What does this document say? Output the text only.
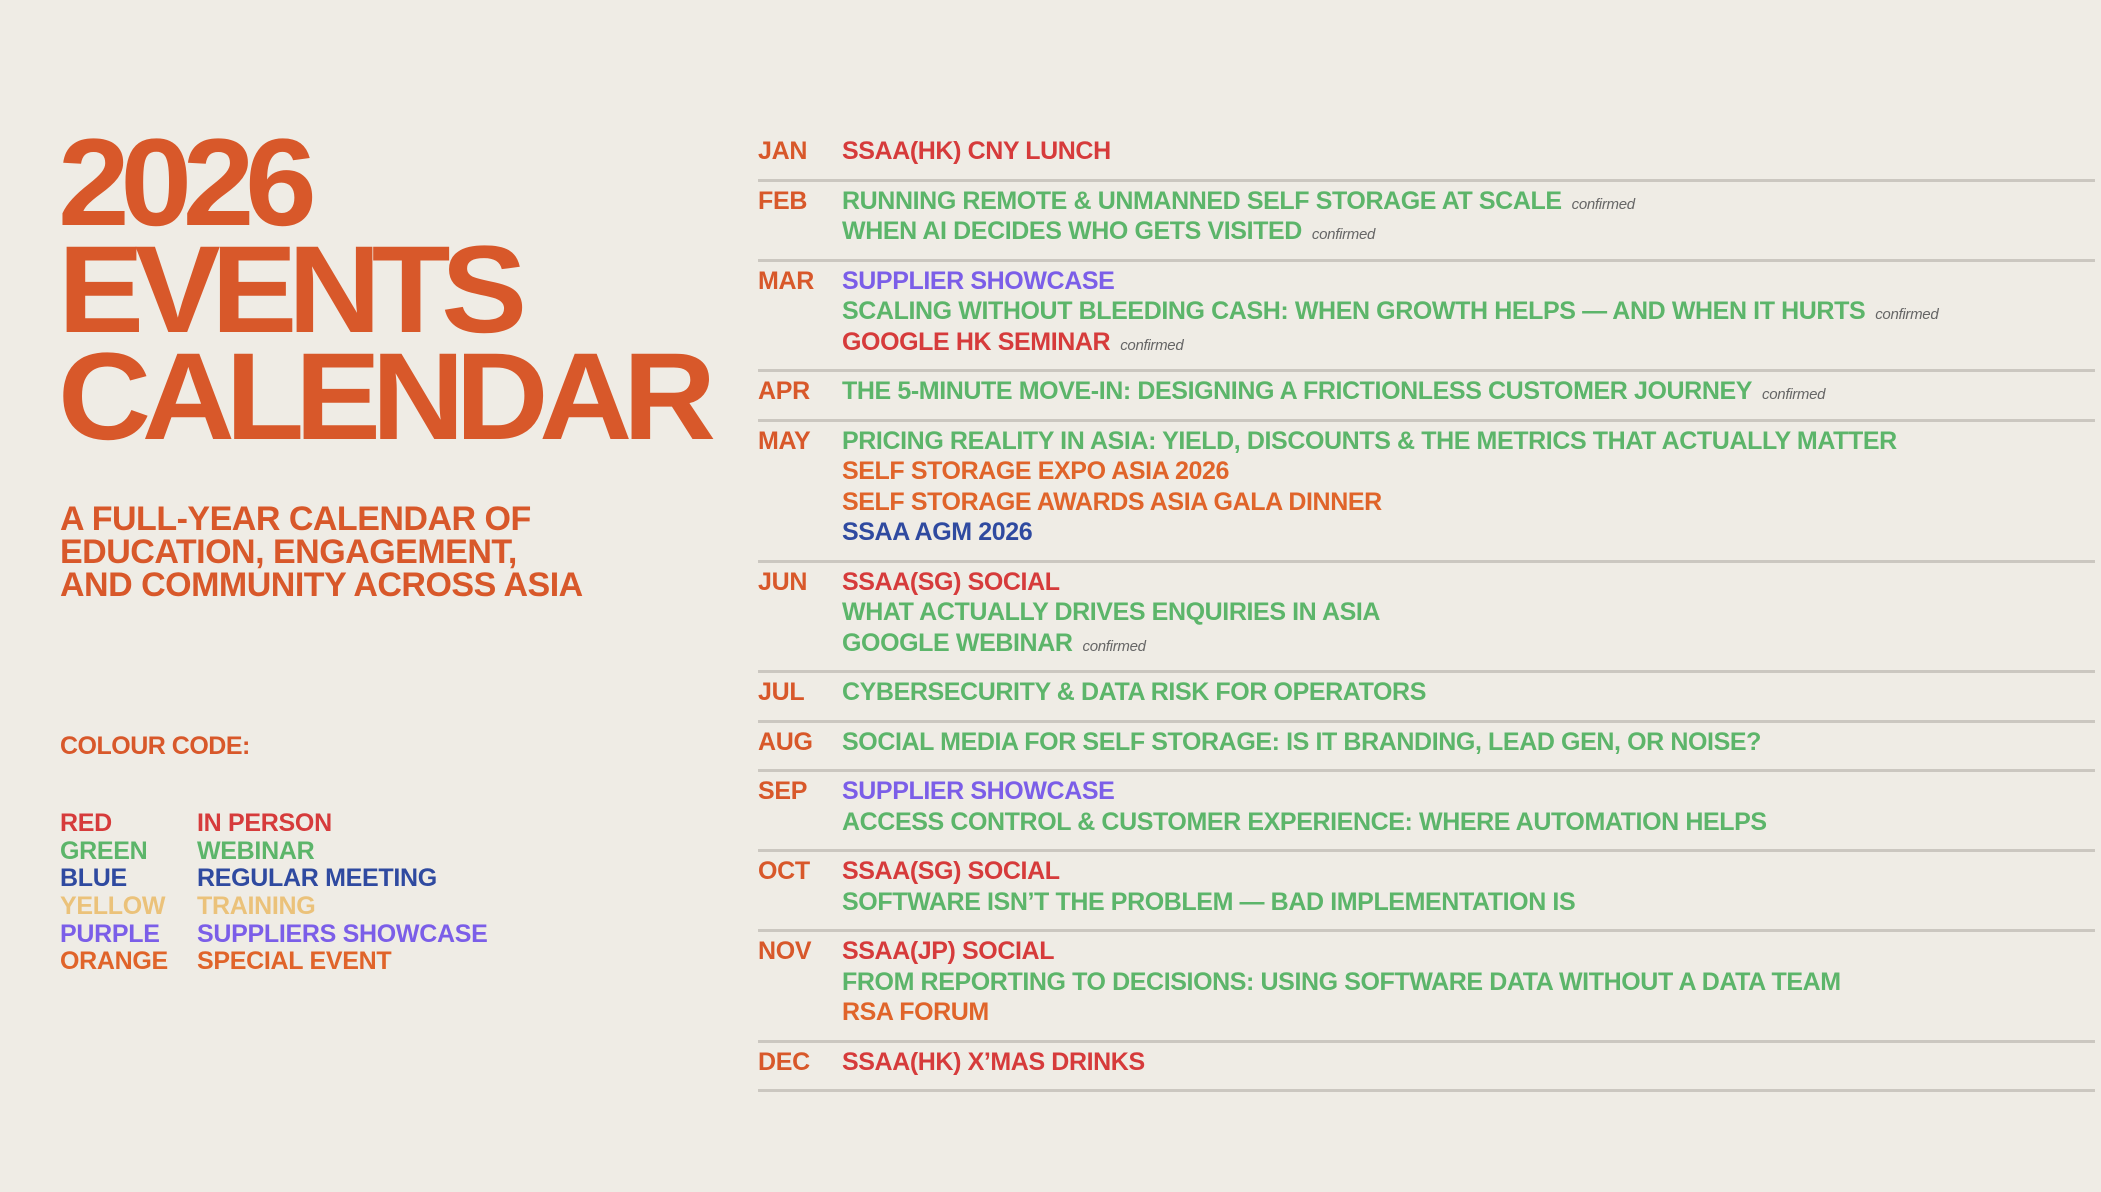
2026
EVENTS
CALENDAR
A FULL-YEAR CALENDAR OF
EDUCATION, ENGAGEMENT,
AND COMMUNITY ACROSS ASIA
COLOUR CODE:
RED	IN PERSON
GREEN	WEBINAR
BLUE	REGULAR MEETING
YELLOW	TRAINING
PURPLE	SUPPLIERS SHOWCASE
ORANGE	SPECIAL EVENT
JAN	SSAA(HK) CNY LUNCH
FEB	RUNNING REMOTE & UNMANNED SELF STORAGE AT SCALE confirmed
WHEN AI DECIDES WHO GETS VISITED confirmed
MAR	SUPPLIER SHOWCASE
SCALING WITHOUT BLEEDING CASH: WHEN GROWTH HELPS — AND WHEN IT HURTS confirmed
GOOGLE HK SEMINAR confirmed
APR	THE 5-MINUTE MOVE-IN: DESIGNING A FRICTIONLESS CUSTOMER JOURNEY confirmed
MAY	PRICING REALITY IN ASIA: YIELD, DISCOUNTS & THE METRICS THAT ACTUALLY MATTER
SELF STORAGE EXPO ASIA 2026
SELF STORAGE AWARDS ASIA GALA DINNER
SSAA AGM 2026
JUN	SSAA(SG) SOCIAL
WHAT ACTUALLY DRIVES ENQUIRIES IN ASIA
GOOGLE WEBINAR confirmed
JUL	CYBERSECURITY & DATA RISK FOR OPERATORS
AUG	SOCIAL MEDIA FOR SELF STORAGE: IS IT BRANDING, LEAD GEN, OR NOISE?
SEP	SUPPLIER SHOWCASE
ACCESS CONTROL & CUSTOMER EXPERIENCE: WHERE AUTOMATION HELPS
OCT	SSAA(SG) SOCIAL
SOFTWARE ISN’T THE PROBLEM — BAD IMPLEMENTATION IS
NOV	SSAA(JP) SOCIAL
FROM REPORTING TO DECISIONS: USING SOFTWARE DATA WITHOUT A DATA TEAM
RSA FORUM
DEC	SSAA(HK) X’MAS DRINKS
